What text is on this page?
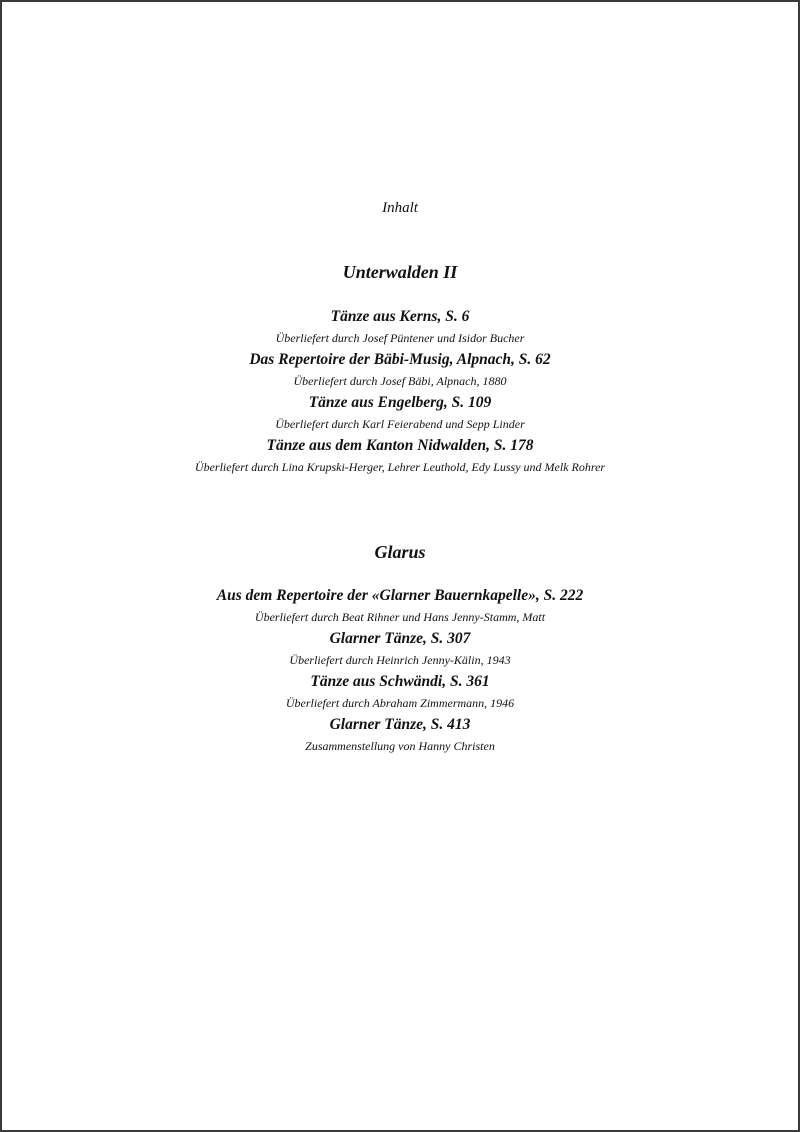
Inhalt
Unterwalden II
Tänze aus Kerns, S. 6
Überliefert durch Josef Püntener und Isidor Bucher
Das Repertoire der Bäbi-Musig, Alpnach, S. 62
Überliefert durch Josef Bäbi, Alpnach, 1880
Tänze aus Engelberg, S. 109
Überliefert durch Karl Feierabend und Sepp Linder
Tänze aus dem Kanton Nidwalden, S. 178
Überliefert durch Lina Krupski-Herger, Lehrer Leuthold, Edy Lussy und Melk Rohrer
Glarus
Aus dem Repertoire der «Glarner Bauernkapelle», S. 222
Überliefert durch Beat Rihner und Hans Jenny-Stamm, Matt
Glarner Tänze, S. 307
Überliefert durch Heinrich Jenny-Kälin, 1943
Tänze aus Schwändi, S. 361
Überliefert durch Abraham Zimmermann, 1946
Glarner Tänze, S. 413
Zusammenstellung von Hanny Christen
